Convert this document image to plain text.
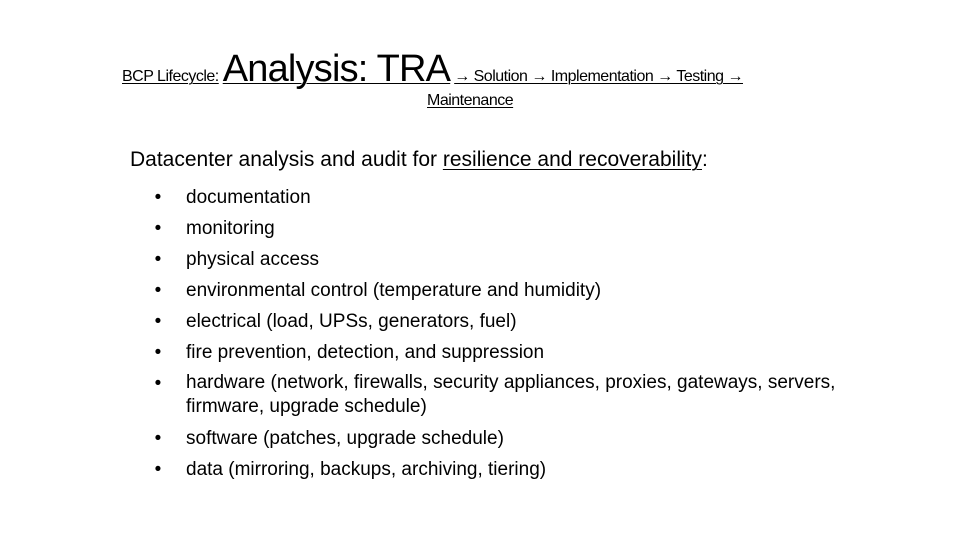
BCP Lifecycle: Analysis: TRA → Solution → Implementation → Testing →
Maintenance
Datacenter analysis and audit for resilience and recoverability:
• documentation
• monitoring
• physical access
• environmental control (temperature and humidity)
• electrical (load, UPSs, generators, fuel)
• fire prevention, detection, and suppression
• hardware (network, firewalls, security appliances, proxies, gateways, servers, firmware, upgrade schedule)
• software (patches, upgrade schedule)
• data (mirroring, backups, archiving, tiering)
